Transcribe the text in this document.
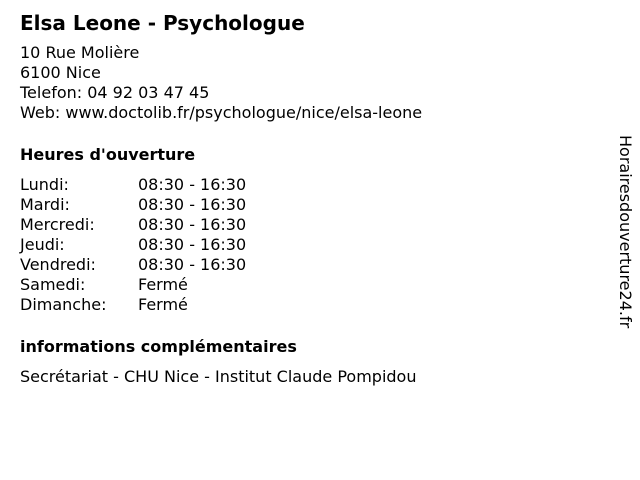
Elsa Leone - Psychologue
10 Rue Molière
6100 Nice
Telefon: 04 92 03 47 45
Web: www.doctolib.fr/psychologue/nice/elsa-leone
Heures d'ouverture
Lundi:	08:30 - 16:30
Mardi:	08:30 - 16:30
Mercredi:	08:30 - 16:30
Jeudi:	08:30 - 16:30
Vendredi:	08:30 - 16:30
Samedi:	Fermé
Dimanche:	Fermé
informations complémentaires
Secrétariat - CHU Nice - Institut Claude Pompidou
Horairesdouverture24.fr
